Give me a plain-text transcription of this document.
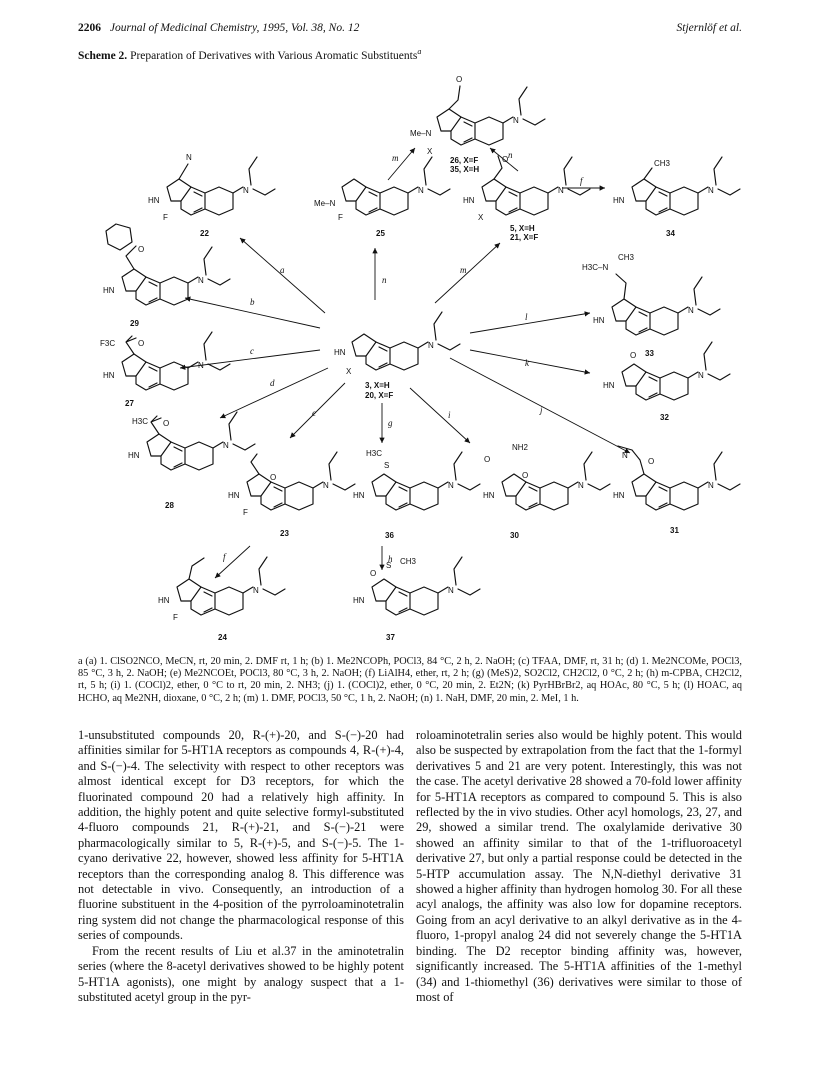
2206 Journal of Medicinal Chemistry, 1995, Vol. 38, No. 12	Stjernlöf et al.
Scheme 2. Preparation of Derivatives with Various Aromatic Substituents$^a$
N
HN
X
3, X=H
20, X=F
O
Me–N
X
26, X=F
35, X=H
N
HN
F
22
Me–N
F
25
O
HN
X
5, X=H
21, X=F
CH3
HN
34
O
HN
29
H3C–N
CH3
HN
33
F3C	O
HN
27
O
HN
32
H3C O
HN
28
N
O
HN
31
O
HN
F
23
H3C
S
HN
36
NH2
O
O
HN
30
HN
F
24
S
O
CH3
HN
37
a
b
c
d
e
g
i	j
k
l
m
n
f
m	n
h
f
a (a) 1. ClSO2NCO, MeCN, rt, 20 min, 2. DMF rt, 1 h; (b) 1. Me2NCOPh, POCl3, 84 °C, 2 h, 2. NaOH; (c) TFAA, DMF, rt, 31 h; (d) 1. Me2NCOMe, POCl3, 85 °C, 3 h, 2. NaOH; (e) Me2NCOEt, POCl3, 80 °C, 3 h, 2. NaOH; (f) LiAlH4, ether, rt, 2 h; (g) (MeS)2, SO2Cl2, CH2Cl2, 0 °C, 2 h; (h) m-CPBA, CH2Cl2, rt, 5 h; (i) 1. (COCl)2, ether, 0 °C to rt, 20 min, 2. NH3; (j) 1. (COCl)2, ether, 0 °C, 20 min, 2. Et2N; (k) PyrHBrBr2, aq HOAc, 80 °C, 5 h; (l) HOAC, aq HCHO, aq Me2NH, dioxane, 0 °C, 2 h; (m) 1. DMF, POCl3, 50 °C, 1 h, 2. NaOH; (n) 1. NaH, DMF, 20 min, 2. MeI, 1 h.

1-unsubstituted compounds 20, R-(+)-20, and S-(−)-20 had affinities similar for 5-HT1A receptors as compounds 4, R-(+)-4, and S-(−)-4. The selectivity with respect to other receptors was almost identical except for D3 receptors, for which the fluorinated compound 20 had a relatively high affinity. In addition, the highly potent and quite selective formyl-substituted 4-fluoro compounds 21, R-(+)-21, and S-(−)-21 were pharmacologically similar to 5, R-(+)-5, and S-(−)-5. The 1-cyano derivative 22, however, showed less affinity for 5-HT1A receptors than the corresponding analog 8. This difference was not detectable in vivo. Consequently, an introduction of a fluorine substituent in the 4-position of the pyrroloaminotetralin ring system did not change the pharmacological response of this series of compounds.

From the recent results of Liu et al.37 in the aminotetralin series (where the 8-acetyl derivatives showed to be highly potent 5-HT1A agonists), one might by analogy suspect that a 1-substituted acetyl group in the pyr-

roloaminotetralin series also would be highly potent. This would also be suspected by extrapolation from the fact that the 1-formyl derivatives 5 and 21 are very potent. Interestingly, this was not the case. The acetyl derivative 28 showed a 70-fold lower affinity for 5-HT1A receptors as compared to compound 5. This is also reflected by the in vivo studies. Other acyl homologs, 23, 27, and 29, showed a similar trend. The oxalylamide derivative 30 showed an affinity similar to that of the 1-trifluoroacetyl derivative 27, but only a partial response could be detected in the 5-HTP accumulation assay. The N,N-diethyl derivative 31 showed a higher affinity than hydrogen homolog 30. For all these acyl analogs, the affinity was also low for dopamine receptors. Going from an acyl derivative to an alkyl derivative as in the 4-fluoro, 1-propyl analog 24 did not severely change the 5-HT1A binding. The D2 receptor binding affinity was, however, significantly increased. The 5-HT1A affinities of the 1-methyl (34) and 1-thiomethyl (36) derivatives were similar to those of most of
